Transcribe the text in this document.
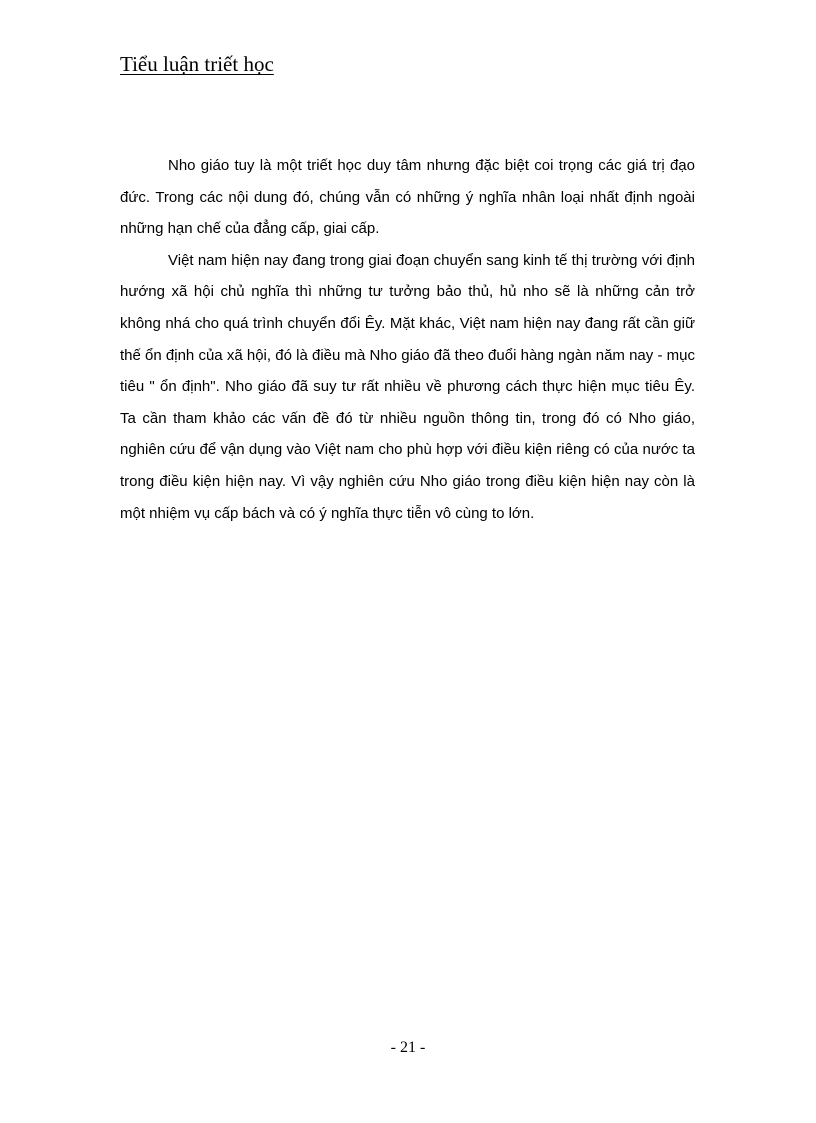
Tiểu luận triết học

Nho giáo tuy là một triết học duy tâm nhưng đặc biệt coi trọng các giá trị đạo đức. Trong các nội dung đó, chúng vẫn có những ý nghĩa nhân loại nhất định ngoài những hạn chế của đẳng cấp, giai cấp.

Việt nam hiện nay đang trong giai đoạn chuyển sang kinh tế thị trường với định hướng xã hội chủ nghĩa thì những tư tưởng bảo thủ, hủ nho sẽ là những cản trở không nhá cho quá trình chuyển đổi Êy. Mặt khác, Việt nam hiện nay đang rất cần giữ thế ổn định của xã hội, đó là điều mà Nho giáo đã theo đuổi hàng ngàn năm nay - mục tiêu " ổn định". Nho giáo đã suy tư rất nhiều về phương cách thực hiện mục tiêu Êy. Ta cần tham khảo các vấn đề đó từ nhiều nguồn thông tin, trong đó có Nho giáo, nghiên cứu để vận dụng vào Việt nam cho phù hợp với điều kiện riêng có của nước ta trong điều kiện hiện nay. Vì vậy nghiên cứu Nho giáo trong điều kiện hiện nay còn là một nhiệm vụ cấp bách và có ý nghĩa thực tiễn vô cùng to lớn.

- 21 -
